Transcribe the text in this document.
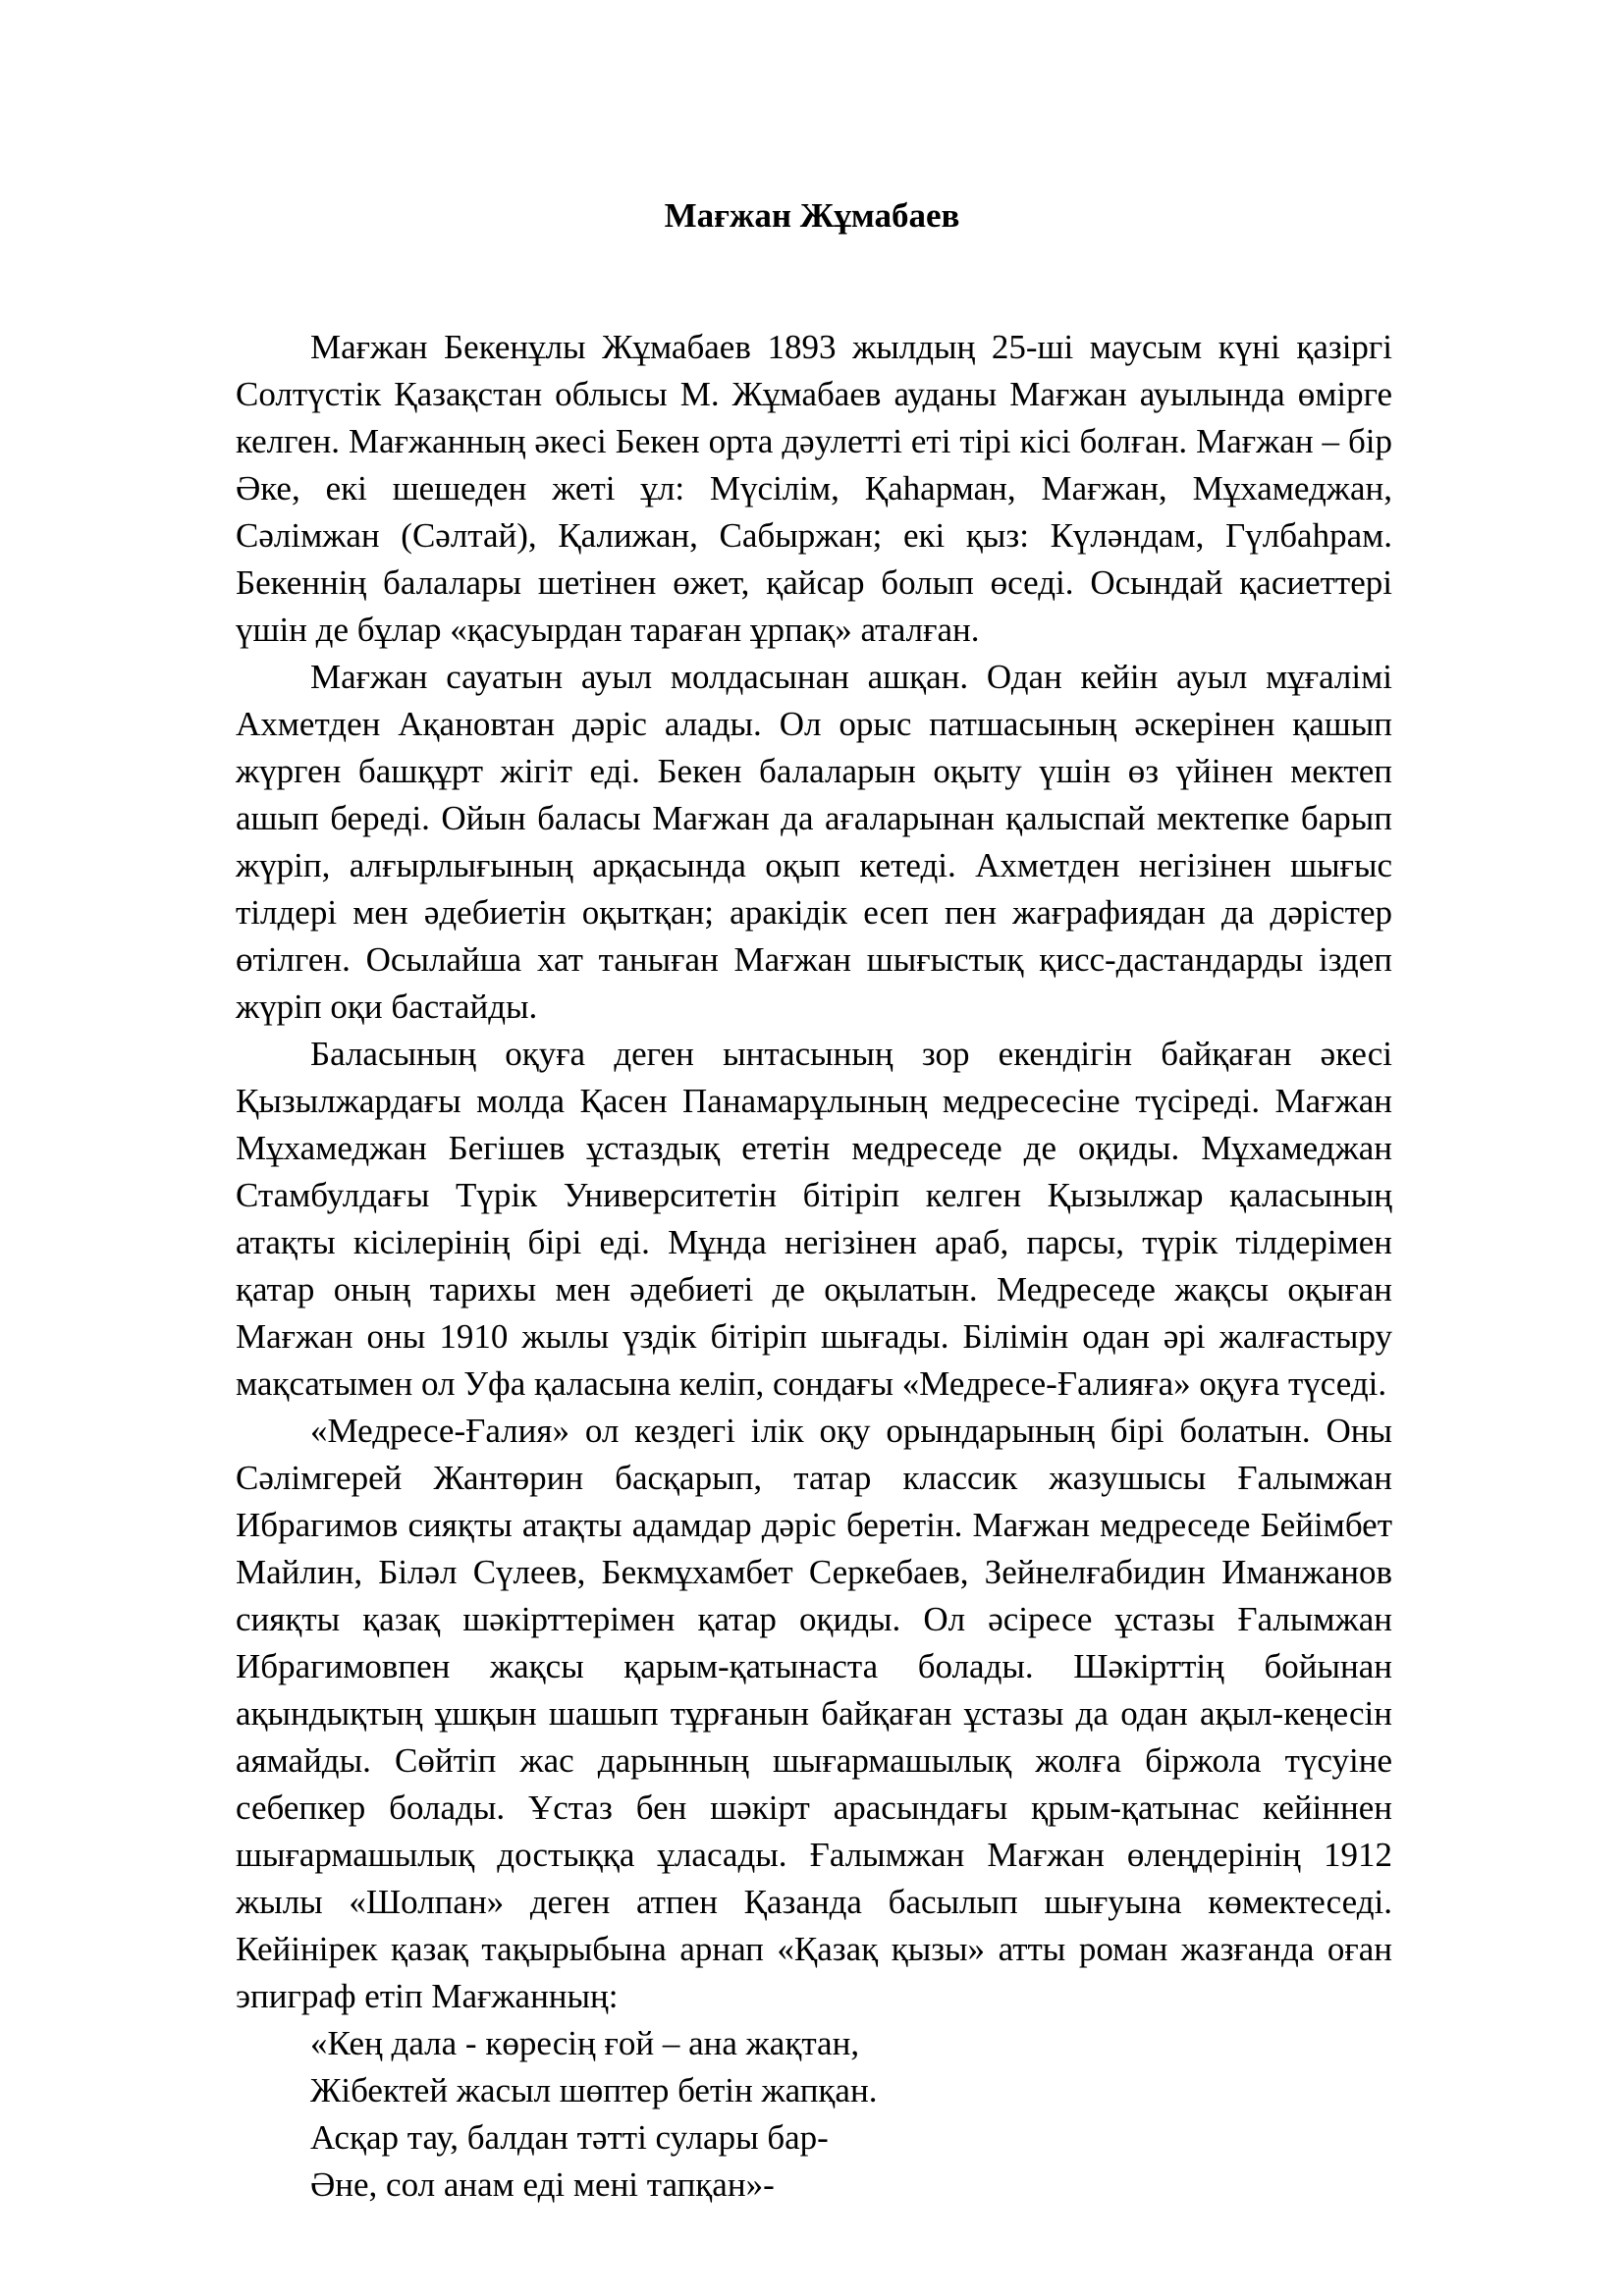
Мағжан Жұмабаев

Мағжан Бекенұлы Жұмабаев 1893 жылдың 25-ші маусым күні қазіргі Солтүстік Қазақстан облысы М. Жұмабаев ауданы Мағжан ауылында өмірге келген. Мағжанның әкесі Бекен орта дәулетті еті тірі кісі болған. Мағжан – бір Әке, екі шешеден жеті ұл: Мүсілім, Қаһарман, Мағжан, Мұхамеджан, Сәлімжан (Сәлтай), Қалижан, Сабыржан; екі қыз: Күләндам, Гүлбаһрам. Бекеннің балалары шетінен өжет, қайсар болып өседі. Осындай қасиеттері үшін де бұлар «қасуырдан тараған ұрпақ» аталған.

Мағжан сауатын ауыл молдасынан ашқан. Одан кейін ауыл мұғалімі Ахметден Ақановтан дәріс алады. Ол орыс патшасының әскерінен қашып жүрген башқұрт жігіт еді. Бекен балаларын оқыту үшін өз үйінен мектеп ашып береді. Ойын баласы Мағжан да ағаларынан қалыспай мектепке барып жүріп, алғырлығының арқасында оқып кетеді. Ахметден негізінен шығыс тілдері мен әдебиетін оқытқан; аракідік есеп пен жағрафиядан да дәрістер өтілген. Осылайша хат таныған Мағжан шығыстық қисс-дастандарды іздеп жүріп оқи бастайды.

Баласының оқуға деген ынтасының зор екендігін байқаған әкесі Қызылжардағы молда Қасен Панамарұлының медресесіне түсіреді. Мағжан Мұхамеджан Бегішев ұстаздық ететін медреседе де оқиды. Мұхамеджан Стамбулдағы Түрік Университетін бітіріп келген Қызылжар қаласының атақты кісілерінің бірі еді. Мұнда негізінен араб, парсы, түрік тілдерімен қатар оның тарихы мен әдебиеті де оқылатын. Медреседе жақсы оқыған Мағжан оны 1910 жылы үздік бітіріп шығады. Білімін одан әрі жалғастыру мақсатымен ол Уфа қаласына келіп, сондағы «Медресе-Ғалияға» оқуға түседі.

«Медресе-Ғалия» ол кездегі ілік оқу орындарының бірі болатын. Оны Сәлімгерей Жантөрин басқарып, татар классик жазушысы Ғалымжан Ибрагимов сияқты атақты адамдар дәріс беретін. Мағжан медреседе Бейімбет Майлин, Біләл Сүлеев, Бекмұхамбет Серкебаев, Зейнелғабидин Иманжанов сияқты қазақ шәкірттерімен қатар оқиды. Ол әсіресе ұстазы Ғалымжан Ибрагимовпен жақсы қарым-қатынаста болады. Шәкірттің бойынан ақындықтың ұшқын шашып тұрғанын байқаған ұстазы да одан ақыл-кеңесін аямайды. Сөйтіп жас дарынның шығармашылық жолға біржола түсуіне себепкер болады. Ұстаз бен шәкірт арасындағы қрым-қатынас кейіннен шығармашылық достыққа ұласады. Ғалымжан Мағжан өлеңдерінің 1912 жылы «Шолпан» деген атпен Қазанда басылып шығуына көмектеседі. Кейінірек қазақ тақырыбына арнап «Қазақ қызы» атты роман жазғанда оған эпиграф етіп Мағжанның:

«Кең дала - көресің ғой – ана жақтан,
Жібектей жасыл шөптер бетін жапқан.
Асқар тау, балдан тәтті сулары бар-
Әне, сол анам еді мені тапқан»-
